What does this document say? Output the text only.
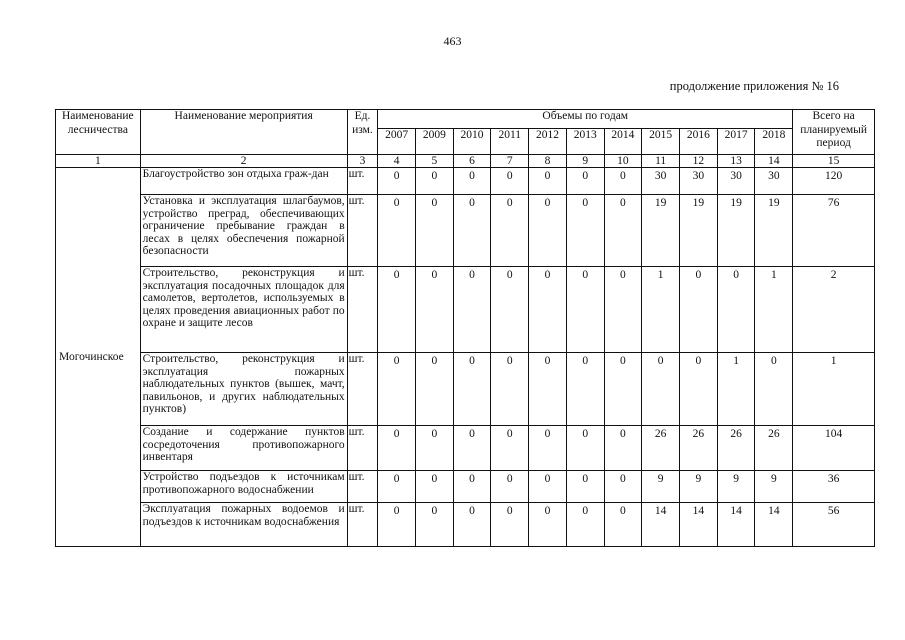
463
продолжение приложения № 16
Наименование лесничества	Наименование мероприятия	Ед. изм.	Объемы по годам											Всего на планируемый период
			2007	2009	2010	2011	2012	2013	2014	2015	2016	2017	2018	
1	2	3	4	5	6	7	8	9	10	11	12	13	14	15
Могочинское	Благоустройство зон отдыха граж-дан	шт.	0	0	0	0	0	0	0	30	30	30	30	120
	Установка и эксплуатация шлагбаумов, устройство преград, обеспечивающих ограничение пребывание граждан в лесах в целях обеспечения пожарной безопасности	шт.	0	0	0	0	0	0	0	19	19	19	19	76
	Строительство, реконструкция и эксплуатация посадочных площадок для самолетов, вертолетов, используемых в целях проведения авиационных работ по охране и защите лесов	шт.	0	0	0	0	0	0	0	1	0	0	1	2
	Строительство, реконструкция и эксплуатация пожарных наблюдательных пунктов (вышек, мачт, павильонов, и других наблюдательных пунктов)	шт.	0	0	0	0	0	0	0	0	0	1	0	1
	Создание и содержание пунктов сосредоточения противопожарного инвентаря	шт.	0	0	0	0	0	0	0	26	26	26	26	104
	Устройство подъездов к источникам противопожарного водоснабжении	шт.	0	0	0	0	0	0	0	9	9	9	9	36
	Эксплуатация пожарных водоемов и подъездов к источникам водоснабжения	шт.	0	0	0	0	0	0	0	14	14	14	14	56
